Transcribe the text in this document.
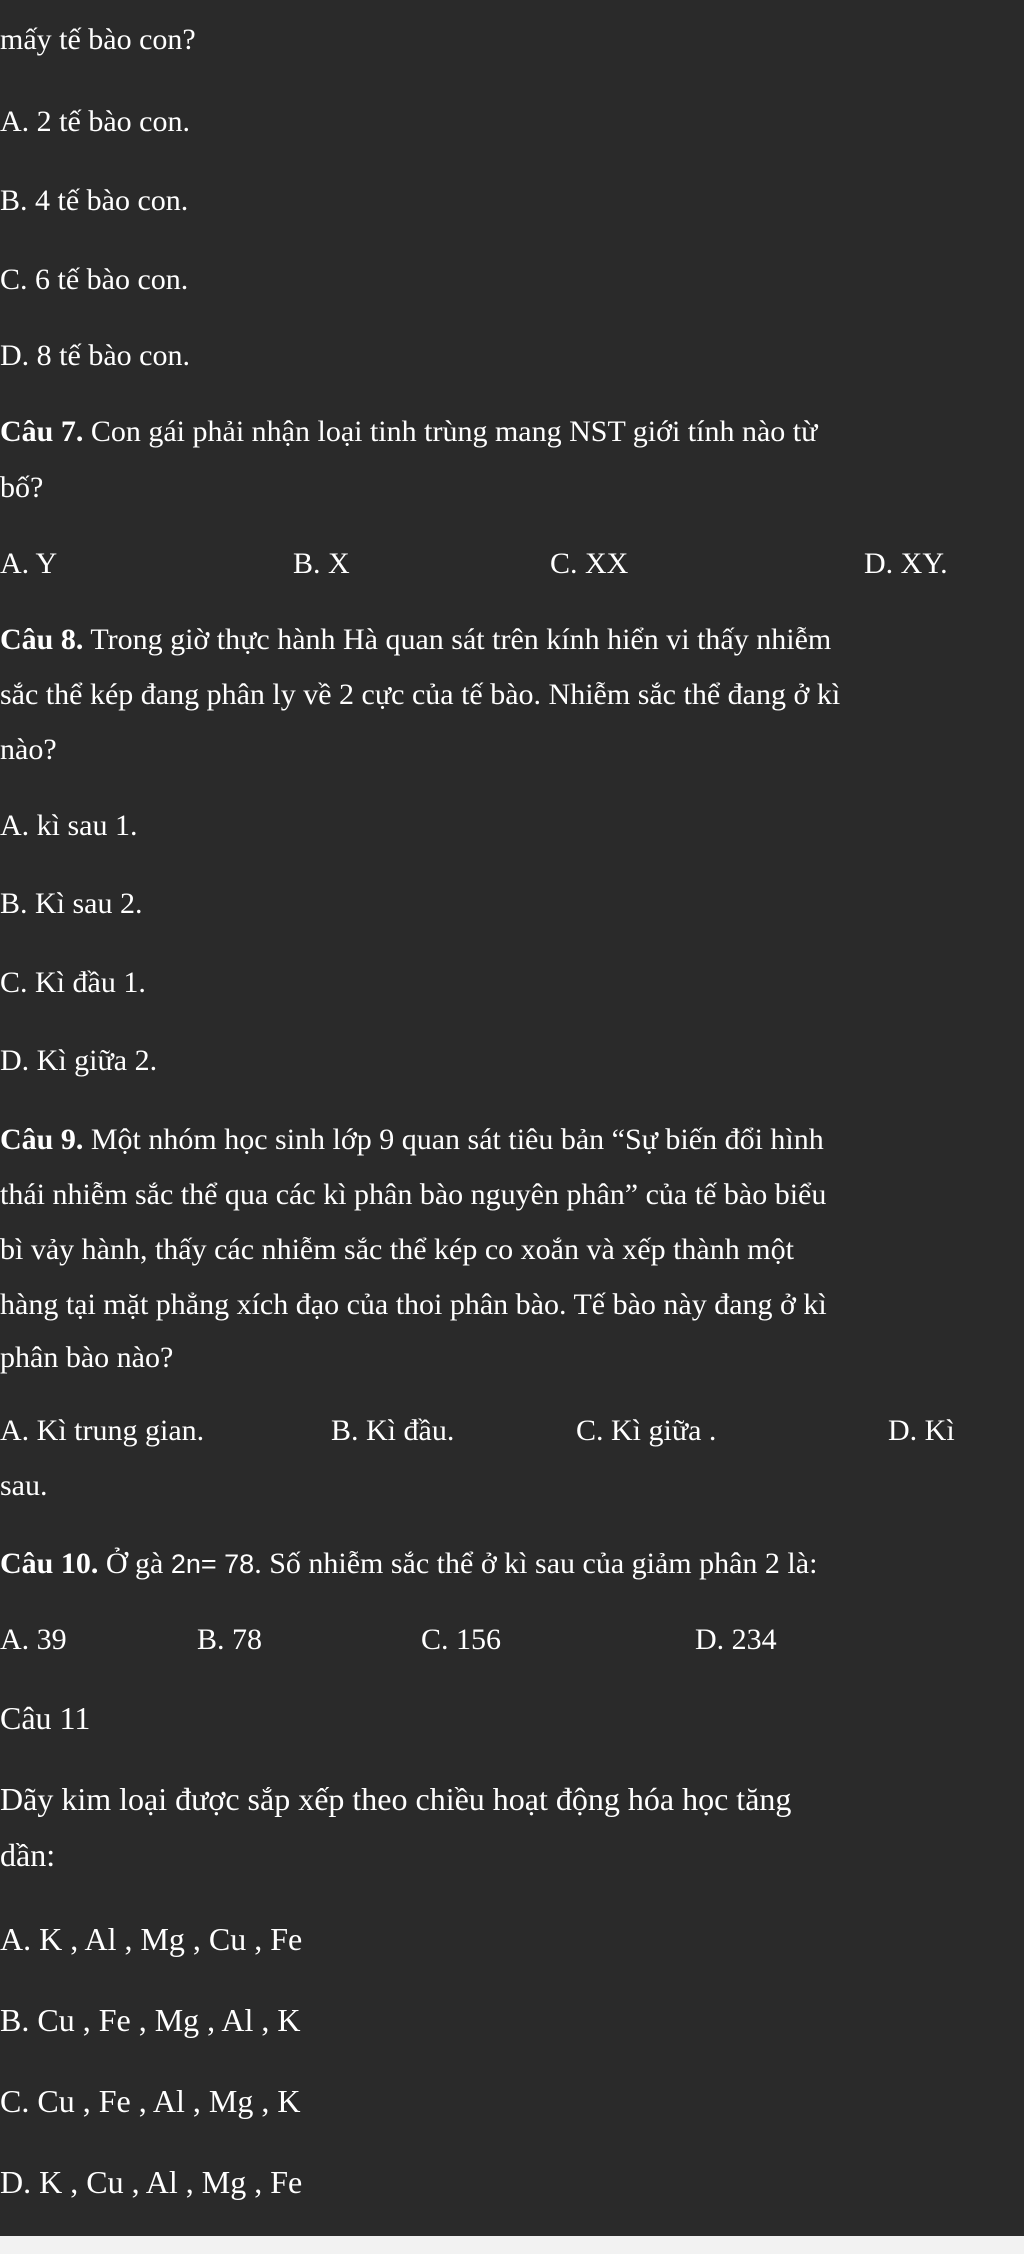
mấy tế bào con?
A. 2 tế bào con.
B. 4 tế bào con.
C. 6 tế bào con.
D. 8 tế bào con.
Câu 7. Con gái phải nhận loại tinh trùng mang NST giới tính nào từ
bố?
A. Y	B. X	C. XX	D. XY.
Câu 8. Trong giờ thực hành Hà quan sát trên kính hiển vi thấy nhiễm
sắc thể kép đang phân ly về 2 cực của tế bào. Nhiễm sắc thể đang ở kì
nào?
A. kì sau 1.
B. Kì sau 2.
C. Kì đầu 1.
D. Kì giữa 2.
Câu 9. Một nhóm học sinh lớp 9 quan sát tiêu bản “Sự biến đổi hình
thái nhiễm sắc thể qua các kì phân bào nguyên phân” của tế bào biểu
bì vảy hành, thấy các nhiễm sắc thể kép co xoắn và xếp thành một
hàng tại mặt phẳng xích đạo của thoi phân bào. Tế bào này đang ở kì
phân bào nào?
A. Kì trung gian.	B. Kì đầu.	C. Kì giữa .	D. Kì
sau.
Câu 10. Ở gà 2n= 78. Số nhiễm sắc thể ở kì sau của giảm phân 2 là:
A. 39	B. 78	C. 156	D. 234
Câu 11
Dãy kim loại được sắp xếp theo chiều hoạt động hóa học tăng
dần:
A. K , Al , Mg , Cu , Fe
B. Cu , Fe , Mg , Al , K
C. Cu , Fe , Al , Mg , K
D. K , Cu , Al , Mg , Fe
